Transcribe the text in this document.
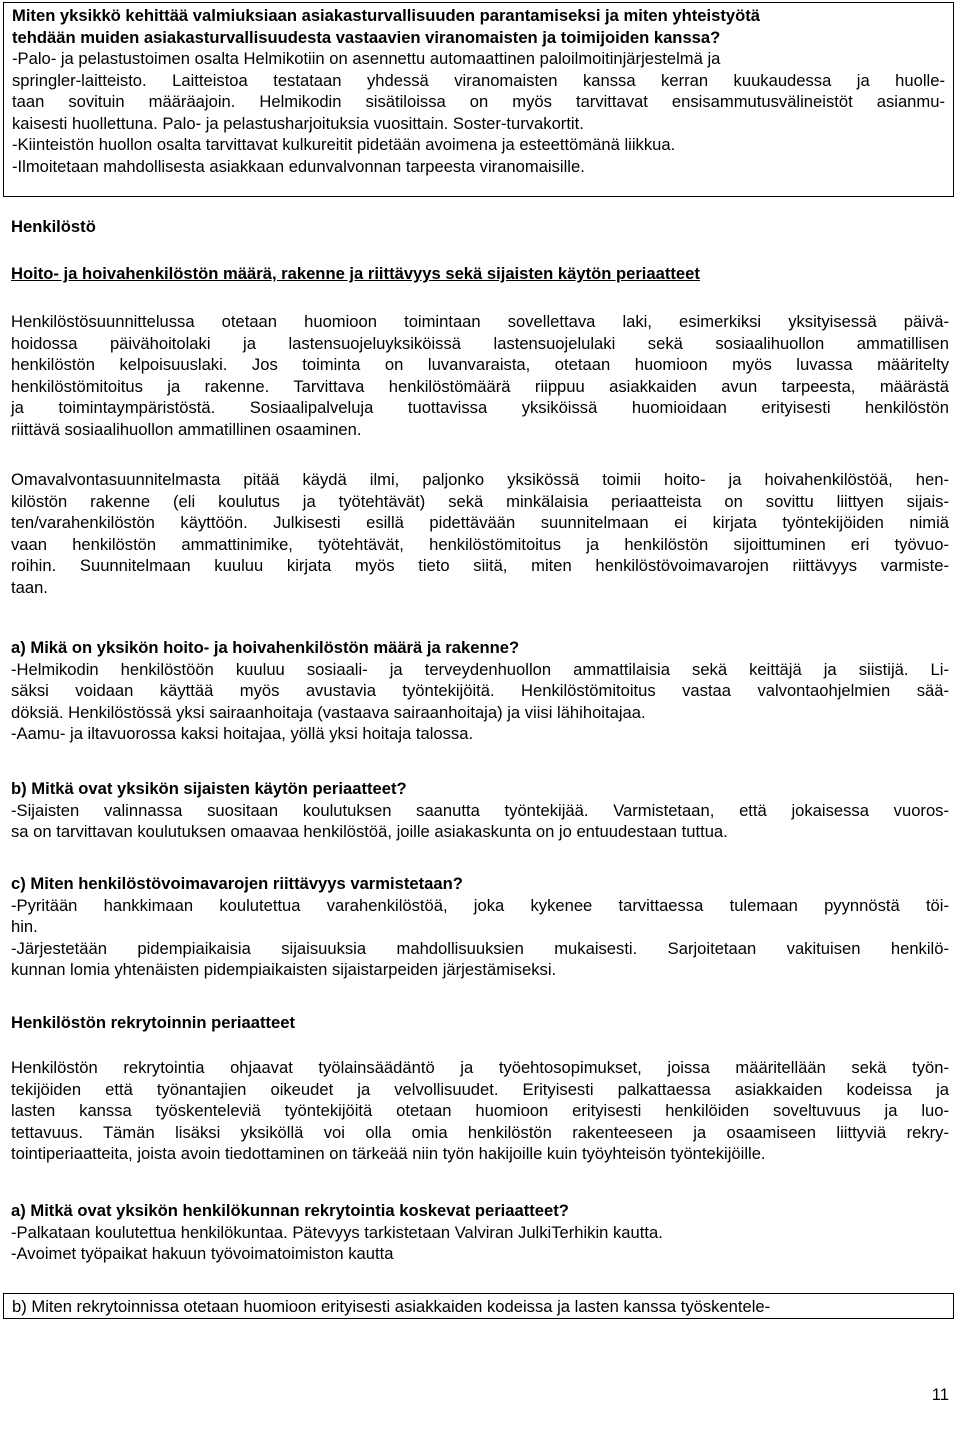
Miten yksikkö kehittää valmiuksiaan asiakasturvallisuuden parantamiseksi ja miten yhteistyötä
tehdään muiden asiakasturvallisuudesta vastaavien viranomaisten ja toimijoiden kanssa?
-Palo- ja pelastustoimen osalta Helmikotiin on asennettu automaattinen paloilmoitinjärjestelmä ja
springler-laitteisto. Laitteistoa testataan yhdessä viranomaisten kanssa kerran kuukaudessa ja huolle-
taan sovituin määräajoin. Helmikodin sisätiloissa on myös tarvittavat ensisammutusvälineistöt asianmu-
kaisesti huollettuna. Palo- ja pelastusharjoituksia vuosittain. Soster-turvakortit.
-Kiinteistön huollon osalta tarvittavat kulkureitit pidetään avoimena ja esteettömänä liikkua.
-Ilmoitetaan mahdollisesta asiakkaan edunvalvonnan tarpeesta viranomaisille.
Henkilöstö
Hoito- ja hoivahenkilöstön määrä, rakenne ja riittävyys sekä sijaisten käytön periaatteet
Henkilöstösuunnittelussa otetaan huomioon toimintaan sovellettava laki, esimerkiksi yksityisessä päivä-
hoidossa päivähoitolaki ja lastensuojeluyksiköissä lastensuojelulaki sekä sosiaalihuollon ammatillisen
henkilöstön kelpoisuuslaki. Jos toiminta on luvanvaraista, otetaan huomioon myös luvassa määritelty
henkilöstömitoitus ja rakenne. Tarvittava henkilöstömäärä riippuu asiakkaiden avun tarpeesta, määrästä
ja toimintaympäristöstä. Sosiaalipalveluja tuottavissa yksiköissä huomioidaan erityisesti henkilöstön
riittävä sosiaalihuollon ammatillinen osaaminen.
Omavalvontasuunnitelmasta pitää käydä ilmi, paljonko yksikössä toimii hoito- ja hoivahenkilöstöä, hen-
kilöstön rakenne (eli koulutus ja työtehtävät) sekä minkälaisia periaatteista on sovittu liittyen sijais-
ten/varahenkilöstön käyttöön. Julkisesti esillä pidettävään suunnitelmaan ei kirjata työntekijöiden nimiä
vaan henkilöstön ammattinimike, työtehtävät, henkilöstömitoitus ja henkilöstön sijoittuminen eri työvuo-
roihin. Suunnitelmaan kuuluu kirjata myös tieto siitä, miten henkilöstövoimavarojen riittävyys varmiste-
taan.
a) Mikä on yksikön hoito- ja hoivahenkilöstön määrä ja rakenne?
-Helmikodin henkilöstöön kuuluu sosiaali- ja terveydenhuollon ammattilaisia sekä keittäjä ja siistijä. Li-
säksi voidaan käyttää myös avustavia työntekijöitä. Henkilöstömitoitus vastaa valvontaohjelmien sää-
döksiä. Henkilöstössä yksi sairaanhoitaja (vastaava sairaanhoitaja) ja viisi lähihoitajaa.
-Aamu- ja iltavuorossa kaksi hoitajaa, yöllä yksi hoitaja talossa.
b) Mitkä ovat yksikön sijaisten käytön periaatteet?
-Sijaisten valinnassa suositaan koulutuksen saanutta työntekijää. Varmistetaan, että jokaisessa vuoros-
sa on tarvittavan koulutuksen omaavaa henkilöstöä, joille asiakaskunta on jo entuudestaan tuttua.
c) Miten henkilöstövoimavarojen riittävyys varmistetaan?
-Pyritään hankkimaan koulutettua varahenkilöstöä, joka kykenee tarvittaessa tulemaan pyynnöstä töi-
hin.
-Järjestetään pidempiaikaisia sijaisuuksia mahdollisuuksien mukaisesti. Sarjoitetaan vakituisen henkilö-
kunnan lomia yhtenäisten pidempiaikaisten sijaistarpeiden järjestämiseksi.
Henkilöstön rekrytoinnin periaatteet
Henkilöstön rekrytointia ohjaavat työlainsäädäntö ja työehtosopimukset, joissa määritellään sekä työn-
tekijöiden että työnantajien oikeudet ja velvollisuudet. Erityisesti palkattaessa asiakkaiden kodeissa ja
lasten kanssa työskenteleviä työntekijöitä otetaan huomioon erityisesti henkilöiden soveltuvuus ja luo-
tettavuus. Tämän lisäksi yksiköllä voi olla omia henkilöstön rakenteeseen ja osaamiseen liittyviä rekry-
tointiperiaatteita, joista avoin tiedottaminen on tärkeää niin työn hakijoille kuin työyhteisön työntekijöille.
a) Mitkä ovat yksikön henkilökunnan rekrytointia koskevat periaatteet?
-Palkataan koulutettua henkilökuntaa. Pätevyys tarkistetaan Valviran JulkiTerhikin kautta.
-Avoimet työpaikat hakuun työvoimatoimiston kautta
b) Miten rekrytoinnissa otetaan huomioon erityisesti asiakkaiden kodeissa ja lasten kanssa työskentele-
11
